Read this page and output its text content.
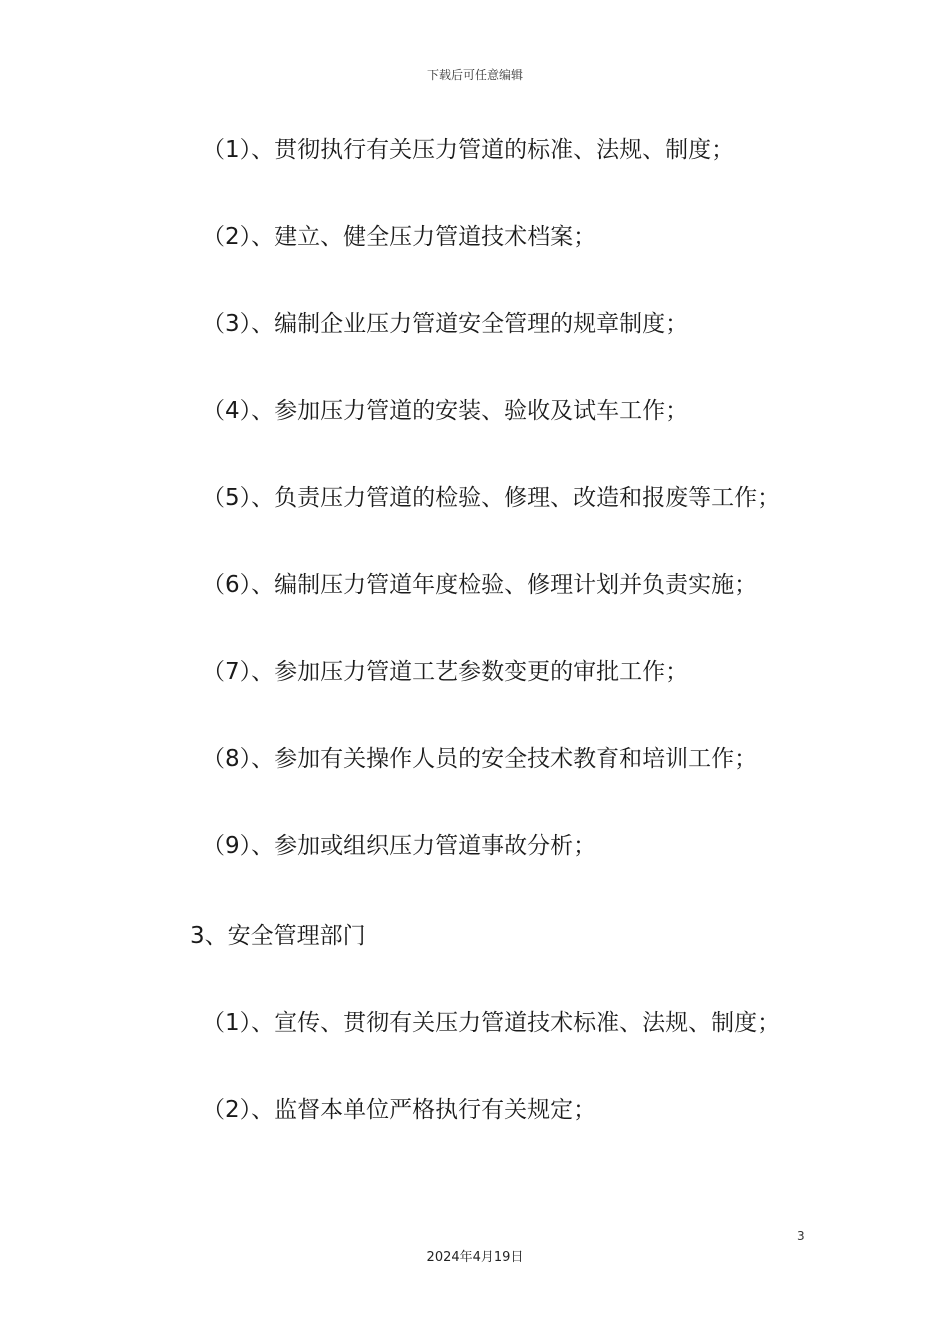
下载后可任意编辑
（1）、贯彻执行有关压力管道的标准、法规、制度；
（2）、建立、健全压力管道技术档案；
（3）、编制企业压力管道安全管理的规章制度；
（4）、参加压力管道的安装、验收及试车工作；
（5）、负责压力管道的检验、修理、改造和报废等工作；
（6）、编制压力管道年度检验、修理计划并负责实施；
（7）、参加压力管道工艺参数变更的审批工作；
（8）、参加有关操作人员的安全技术教育和培训工作；
（9）、参加或组织压力管道事故分析；
3、安全管理部门
（1）、宣传、贯彻有关压力管道技术标准、法规、制度；
（2）、监督本单位严格执行有关规定；
3
2024年4月19日
